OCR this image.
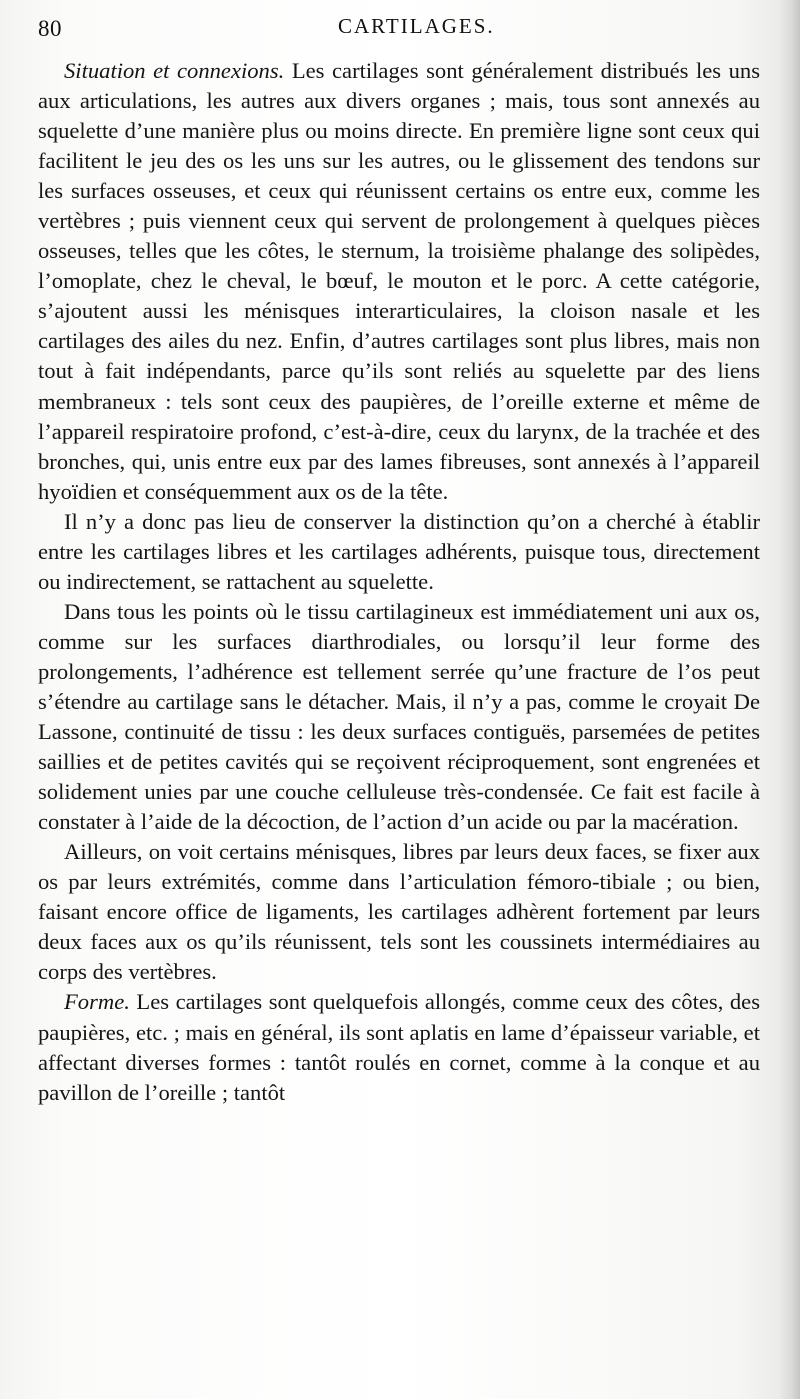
80	CARTILAGES.

Situation et connexions. Les cartilages sont généralement distribués les uns aux articulations, les autres aux divers organes ; mais, tous sont annexés au squelette d’une manière plus ou moins directe. En première ligne sont ceux qui facilitent le jeu des os les uns sur les autres, ou le glissement des tendons sur les surfaces osseuses, et ceux qui réunissent certains os entre eux, comme les vertèbres ; puis viennent ceux qui servent de prolongement à quelques pièces osseuses, telles que les côtes, le sternum, la troisième phalange des solipèdes, l’omoplate, chez le cheval, le bœuf, le mouton et le porc. A cette catégorie, s’ajoutent aussi les ménisques interarticulaires, la cloison nasale et les cartilages des ailes du nez. Enfin, d’autres cartilages sont plus libres, mais non tout à fait indépendants, parce qu’ils sont reliés au squelette par des liens membraneux : tels sont ceux des paupières, de l’oreille externe et même de l’appareil respiratoire profond, c’est-à-dire, ceux du larynx, de la trachée et des bronches, qui, unis entre eux par des lames fibreuses, sont annexés à l’appareil hyoïdien et conséquemment aux os de la tête.

Il n’y a donc pas lieu de conserver la distinction qu’on a cherché à établir entre les cartilages libres et les cartilages adhérents, puisque tous, directement ou indirectement, se rattachent au squelette.

Dans tous les points où le tissu cartilagineux est immédiatement uni aux os, comme sur les surfaces diarthrodiales, ou lorsqu’il leur forme des prolongements, l’adhérence est tellement serrée qu’une fracture de l’os peut s’étendre au cartilage sans le détacher. Mais, il n’y a pas, comme le croyait De Lassone, continuité de tissu : les deux surfaces contiguës, parsemées de petites saillies et de petites cavités qui se reçoivent réciproquement, sont engrenées et solidement unies par une couche celluleuse très-condensée. Ce fait est facile à constater à l’aide de la décoction, de l’action d’un acide ou par la macération.

Ailleurs, on voit certains ménisques, libres par leurs deux faces, se fixer aux os par leurs extrémités, comme dans l’articulation fémoro-tibiale ; ou bien, faisant encore office de ligaments, les cartilages adhèrent fortement par leurs deux faces aux os qu’ils réunissent, tels sont les coussinets intermédiaires au corps des vertèbres.

Forme. Les cartilages sont quelquefois allongés, comme ceux des côtes, des paupières, etc. ; mais en général, ils sont aplatis en lame d’épaisseur variable, et affectant diverses formes : tantôt roulés en cornet, comme à la conque et au pavillon de l’oreille ; tantôt
